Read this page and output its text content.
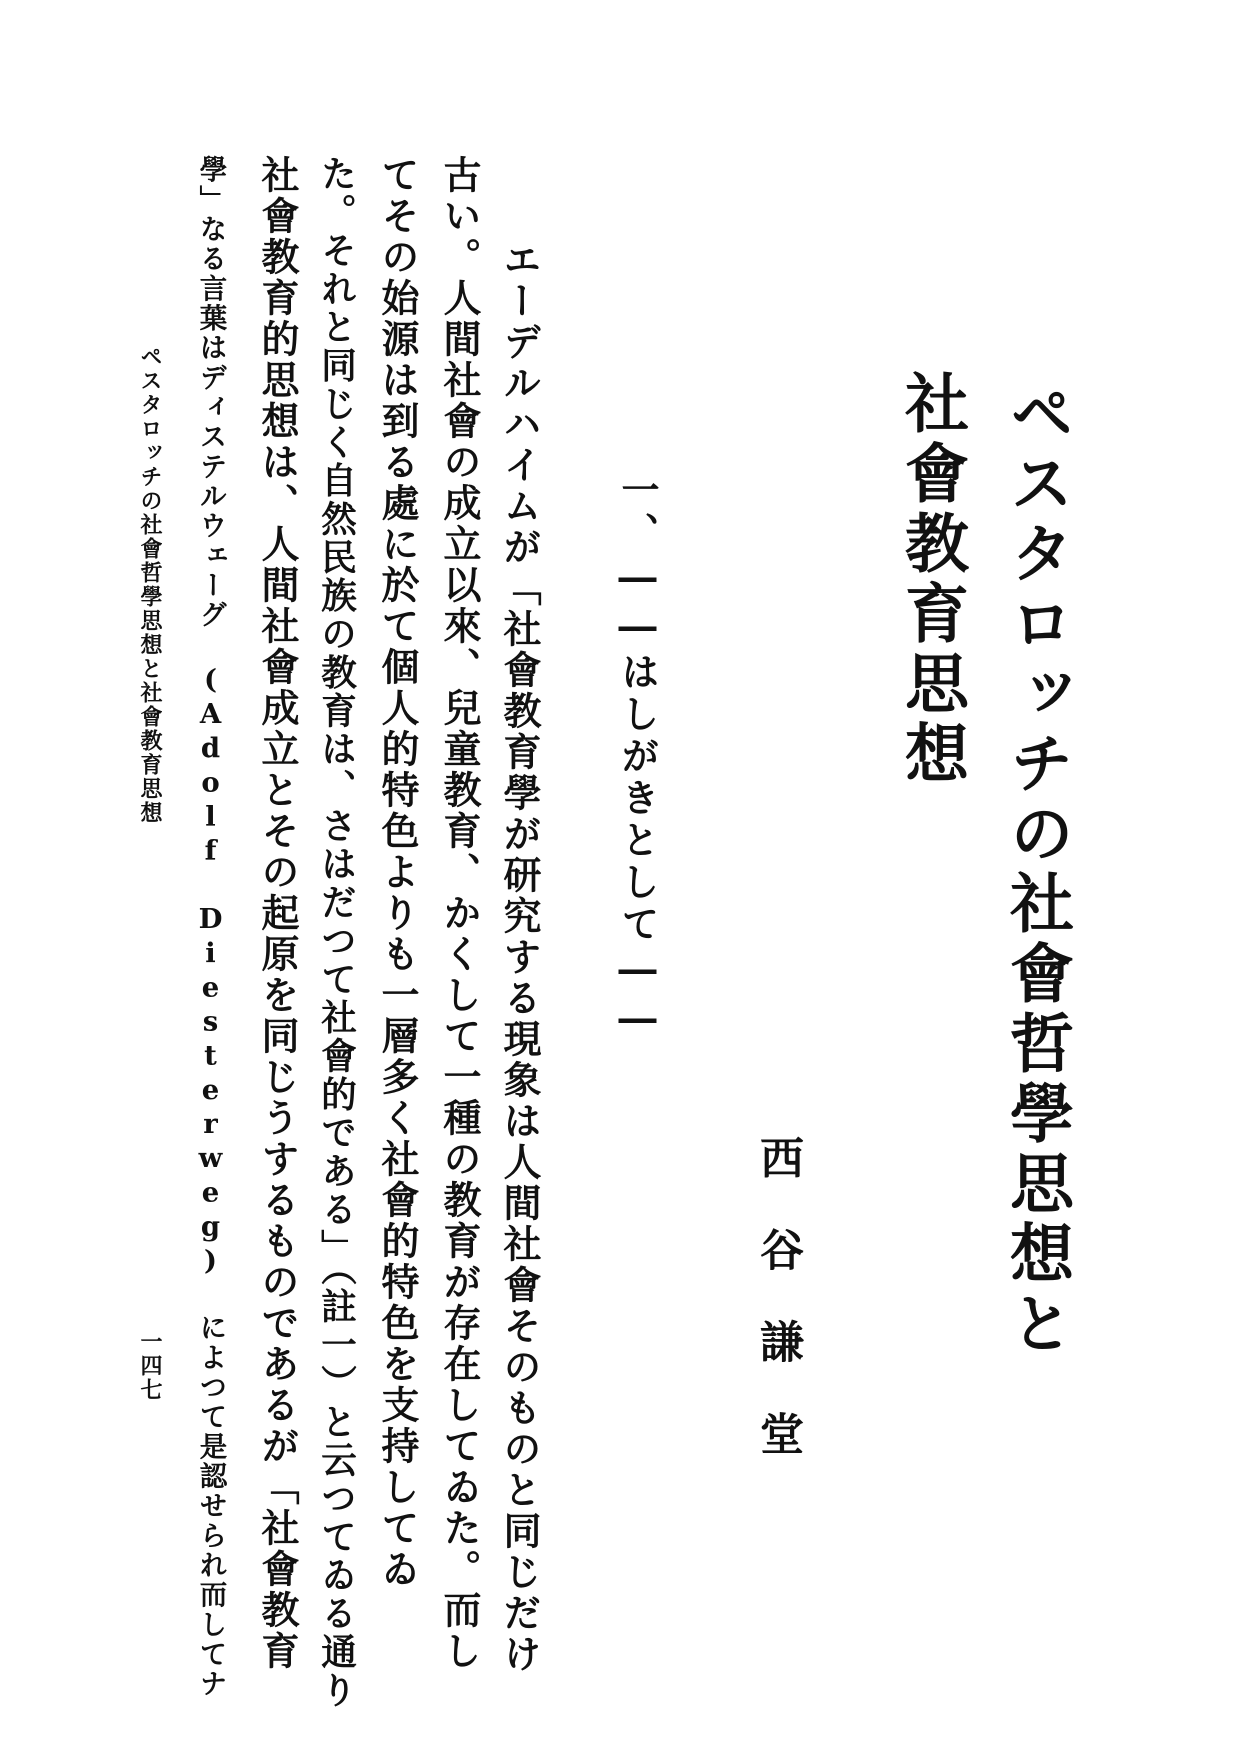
ペスタロッチの社會哲學思想と
社會教育思想
西谷謙堂
一、――はしがきとして――
エーデルハイムが「社會教育學が研究する現象は人間社會そのものと同じだけ
古い。人間社會の成立以來、兒童教育、かくして一種の教育が存在してゐた。而し
てその始源は到る處に於て個人的特色よりも一層多く社會的特色を支持してゐ
た。それと同じく自然民族の教育は、さはだつて社會的である」（註一）と云つてゐる通り
社會教育的思想は、人間社會成立とその起原を同じうするものであるが「社會教育
學」なる言葉はディステルウェーグ (Adolf Diesterweg) によつて是認せられ而してナ
ペスタロッチの社會哲學思想と社會教育思想
一四七
